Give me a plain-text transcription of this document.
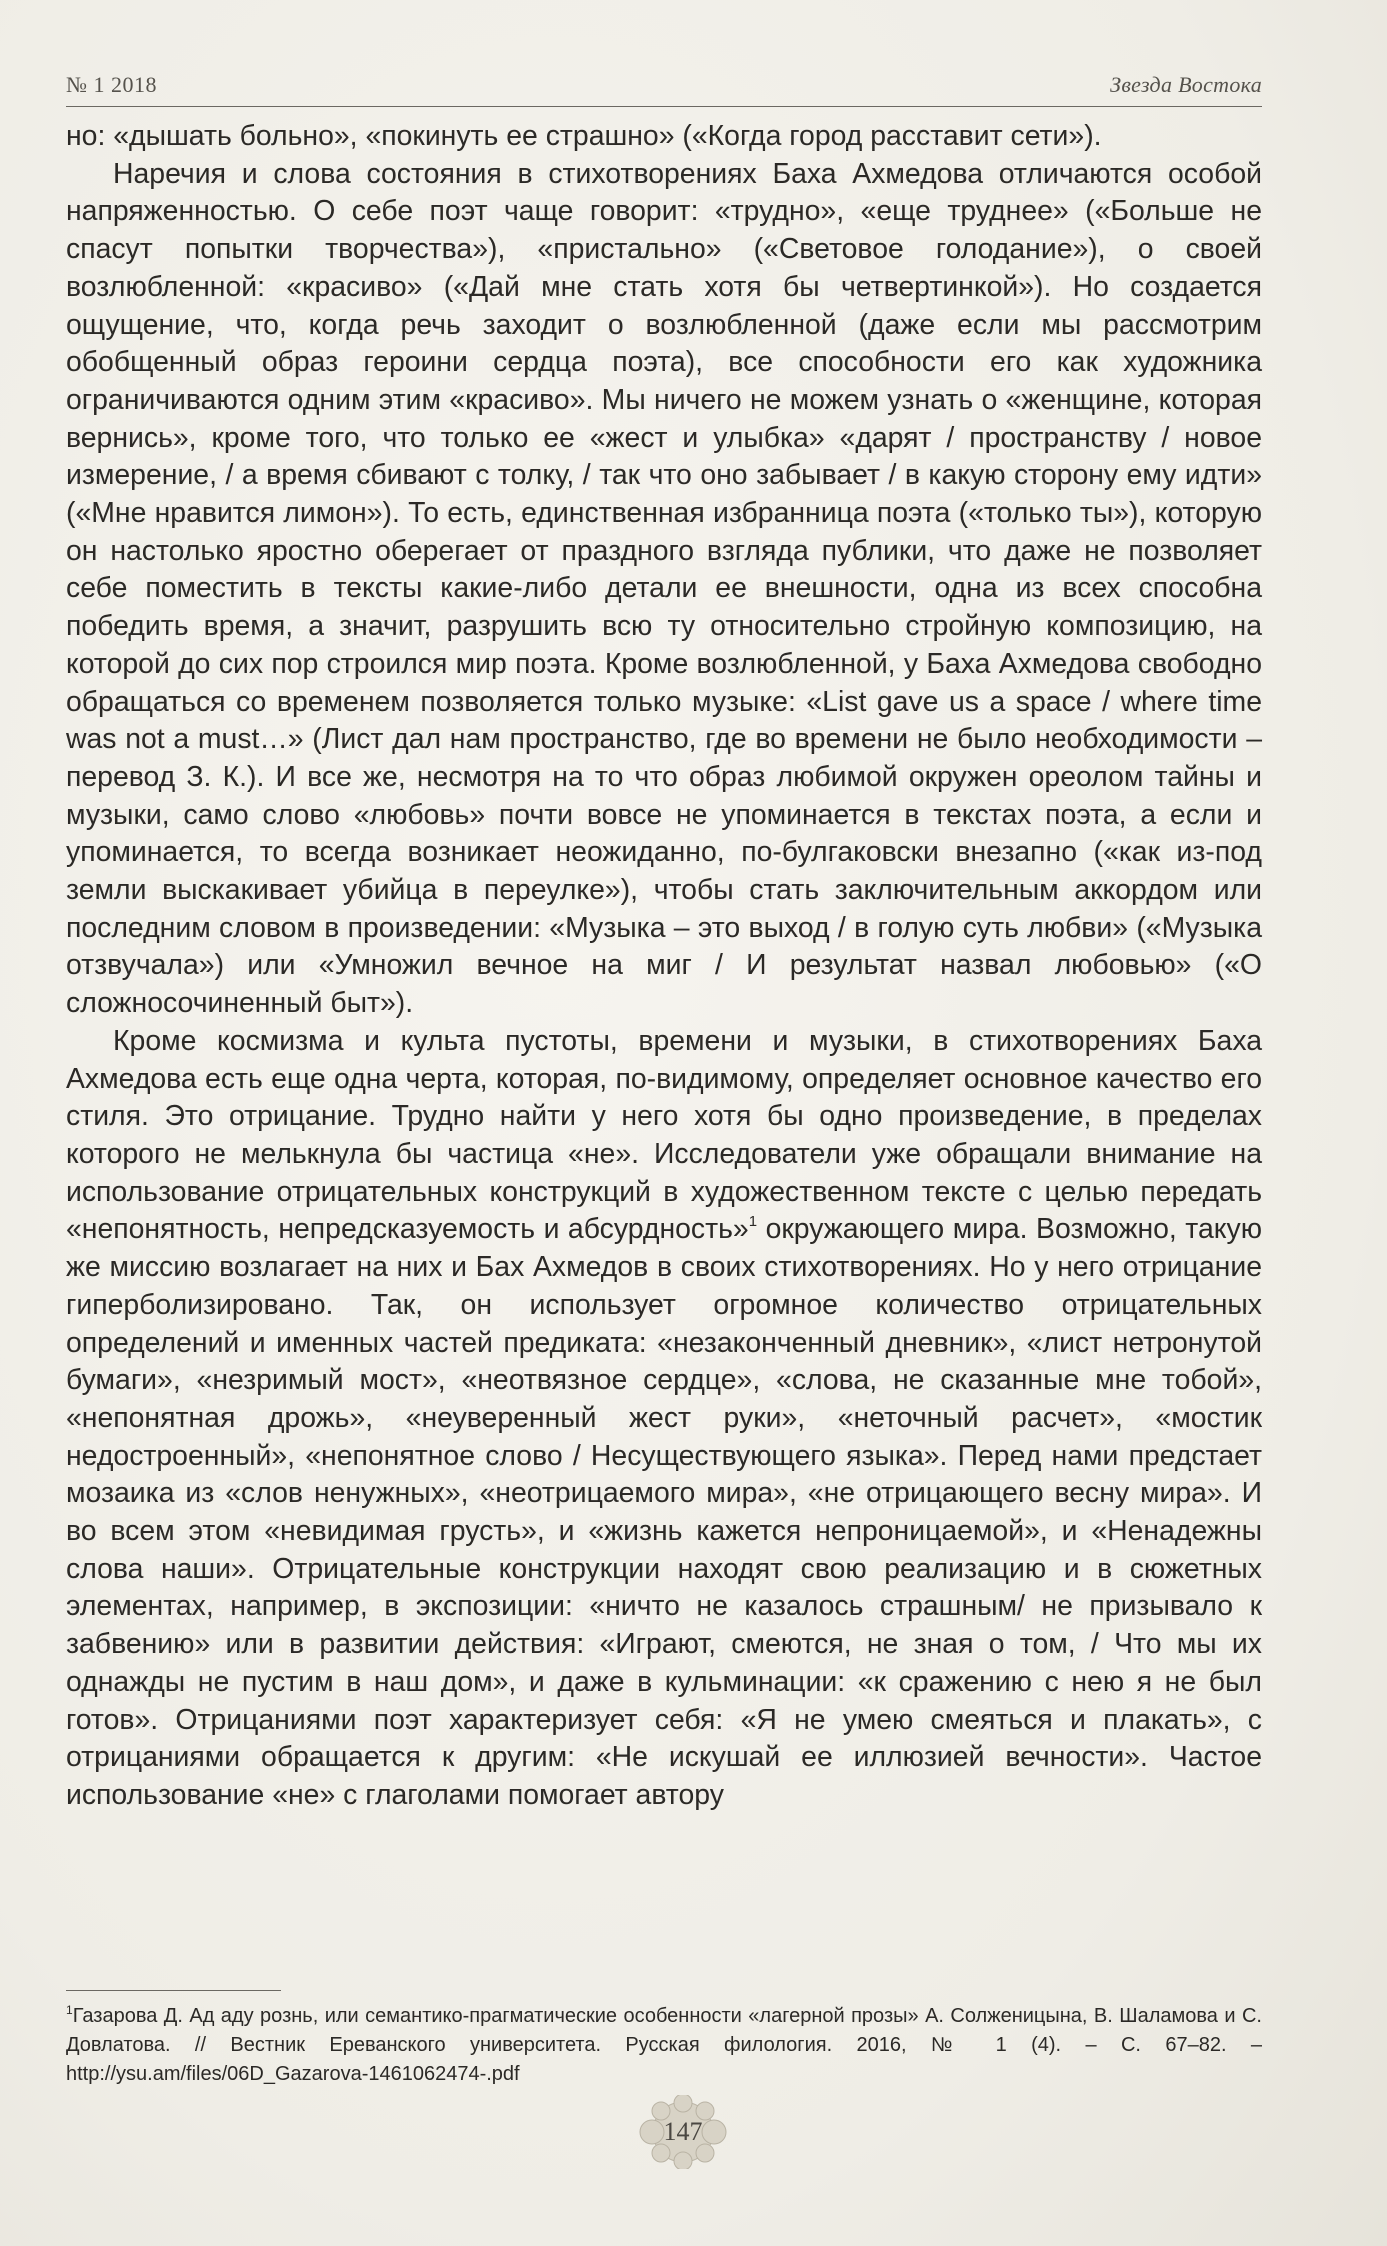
№ 1 2018	Звезда Востока

но: «дышать больно», «покинуть ее страшно» («Когда город расставит сети»).

Наречия и слова состояния в стихотворениях Баха Ахмедова отличаются особой напряженностью. О себе поэт чаще говорит: «трудно», «еще труднее» («Больше не спасут попытки творчества»), «пристально» («Световое голодание»), о своей возлюбленной: «красиво» («Дай мне стать хотя бы четвертинкой»). Но создается ощущение, что, когда речь заходит о возлюбленной (даже если мы рассмотрим обобщенный образ героини сердца поэта), все способности его как художника ограничиваются одним этим «красиво». Мы ничего не можем узнать о «женщине, которая вернись», кроме того, что только ее «жест и улыбка» «дарят / пространству / новое измерение, / а время сбивают с толку, / так что оно забывает / в какую сторону ему идти» («Мне нравится лимон»). То есть, единственная избранница поэта («только ты»), которую он настолько яростно оберегает от праздного взгляда публики, что даже не позволяет себе поместить в тексты какие-либо детали ее внешности, одна из всех способна победить время, а значит, разрушить всю ту относительно стройную композицию, на которой до сих пор строился мир поэта. Кроме возлюбленной, у Баха Ахмедова свободно обращаться со временем позволяется только музыке: «List gave us a space / where time was not a must…» (Лист дал нам пространство, где во времени не было необходимости – перевод З. К.). И все же, несмотря на то что образ любимой окружен ореолом тайны и музыки, само слово «любовь» почти вовсе не упоминается в текстах поэта, а если и упоминается, то всегда возникает неожиданно, по-булгаковски внезапно («как из-под земли выскакивает убийца в переулке»), чтобы стать заключительным аккордом или последним словом в произведении: «Музыка – это выход / в голую суть любви» («Музыка отзвучала») или «Умножил вечное на миг / И результат назвал любовью» («О сложносочиненный быт»).

Кроме космизма и культа пустоты, времени и музыки, в стихотворениях Баха Ахмедова есть еще одна черта, которая, по-видимому, определяет основное качество его стиля. Это отрицание. Трудно найти у него хотя бы одно произведение, в пределах которого не мелькнула бы частица «не». Исследователи уже обращали внимание на использование отрицательных конструкций в художественном тексте с целью передать «непонятность, непредсказуемость и абсурдность»$^1$ окружающего мира. Возможно, такую же миссию возлагает на них и Бах Ахмедов в своих стихотворениях. Но у него отрицание гиперболизировано. Так, он использует огромное количество отрицательных определений и именных частей предиката: «незаконченный дневник», «лист нетронутой бумаги», «незримый мост», «неотвязное сердце», «слова, не сказанные мне тобой», «непонятная дрожь», «неуверенный жест руки», «неточный расчет», «мостик недостроенный», «непонятное слово / Несуществующего языка». Перед нами предстает мозаика из «слов ненужных», «неотрицаемого мира», «не отрицающего весну мира». И во всем этом «невидимая грусть», и «жизнь кажется непроницаемой», и «Ненадежны слова наши». Отрицательные конструкции находят свою реализацию и в сюжетных элементах, например, в экспозиции: «ничто не казалось страшным/ не призывало к забвению» или в развитии действия: «Играют, смеются, не зная о том, / Что мы их однажды не пустим в наш дом», и даже в кульминации: «к сражению с нею я не был готов». Отрицаниями поэт характеризует себя: «Я не умею смеяться и плакать», с отрицаниями обращается к другим: «Не искушай ее иллюзией вечности». Частое использование «не» с глаголами помогает автору

$^1$Газарова Д. Ад аду рознь, или семантико-прагматические особенности «лагерной прозы» А. Солженицына, В. Шаламова и С. Довлатова. // Вестник Ереванского университета. Русская филология. 2016, № 1 (4). – С. 67–82. – http://ysu.am/files/06D_Gazarova-1461062474-.pdf

147
